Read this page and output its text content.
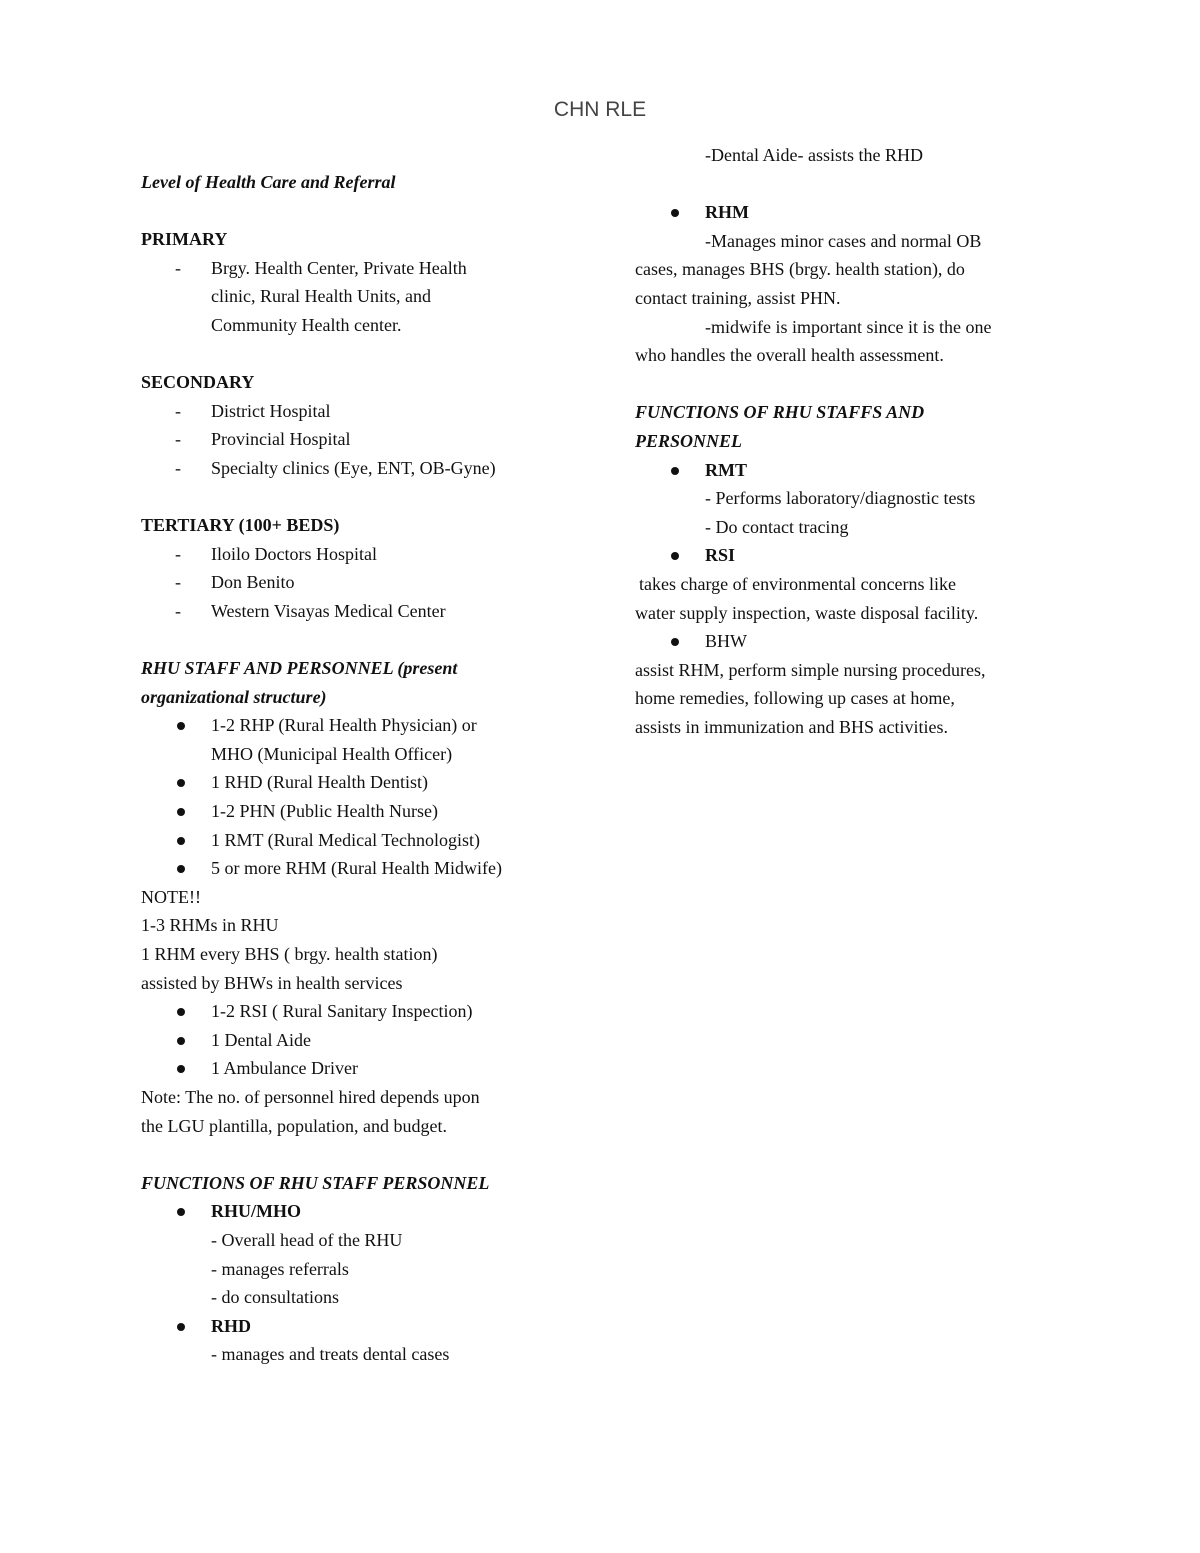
CHN RLE
Level of Health Care and Referral
PRIMARY
- Brgy. Health Center, Private Health
clinic, Rural Health Units, and
Community Health center.
SECONDARY
- District Hospital
- Provincial Hospital
- Specialty clinics (Eye, ENT, OB-Gyne)
TERTIARY (100+ BEDS)
- Iloilo Doctors Hospital
- Don Benito
- Western Visayas Medical Center
RHU STAFF AND PERSONNEL (present
organizational structure)
1-2 RHP (Rural Health Physician) or
MHO (Municipal Health Officer)
1 RHD (Rural Health Dentist)
1-2 PHN (Public Health Nurse)
1 RMT (Rural Medical Technologist)
5 or more RHM (Rural Health Midwife)
NOTE!!
1-3 RHMs in RHU
1 RHM every BHS ( brgy. health station)
assisted by BHWs in health services
1-2 RSI ( Rural Sanitary Inspection)
1 Dental Aide
1 Ambulance Driver
Note: The no. of personnel hired depends upon
the LGU plantilla, population, and budget.
FUNCTIONS OF RHU STAFF PERSONNEL
RHU/MHO
- Overall head of the RHU
- manages referrals
- do consultations
RHD
- manages and treats dental cases
-Dental Aide- assists the RHD
RHM
-Manages minor cases and normal OB
cases, manages BHS (brgy. health station), do
contact training, assist PHN.
-midwife is important since it is the one
who handles the overall health assessment.
FUNCTIONS OF RHU STAFFS AND
PERSONNEL
RMT
- Performs laboratory/diagnostic tests
- Do contact tracing
RSI
takes charge of environmental concerns like
water supply inspection, waste disposal facility.
BHW
assist RHM, perform simple nursing procedures,
home remedies, following up cases at home,
assists in immunization and BHS activities.
